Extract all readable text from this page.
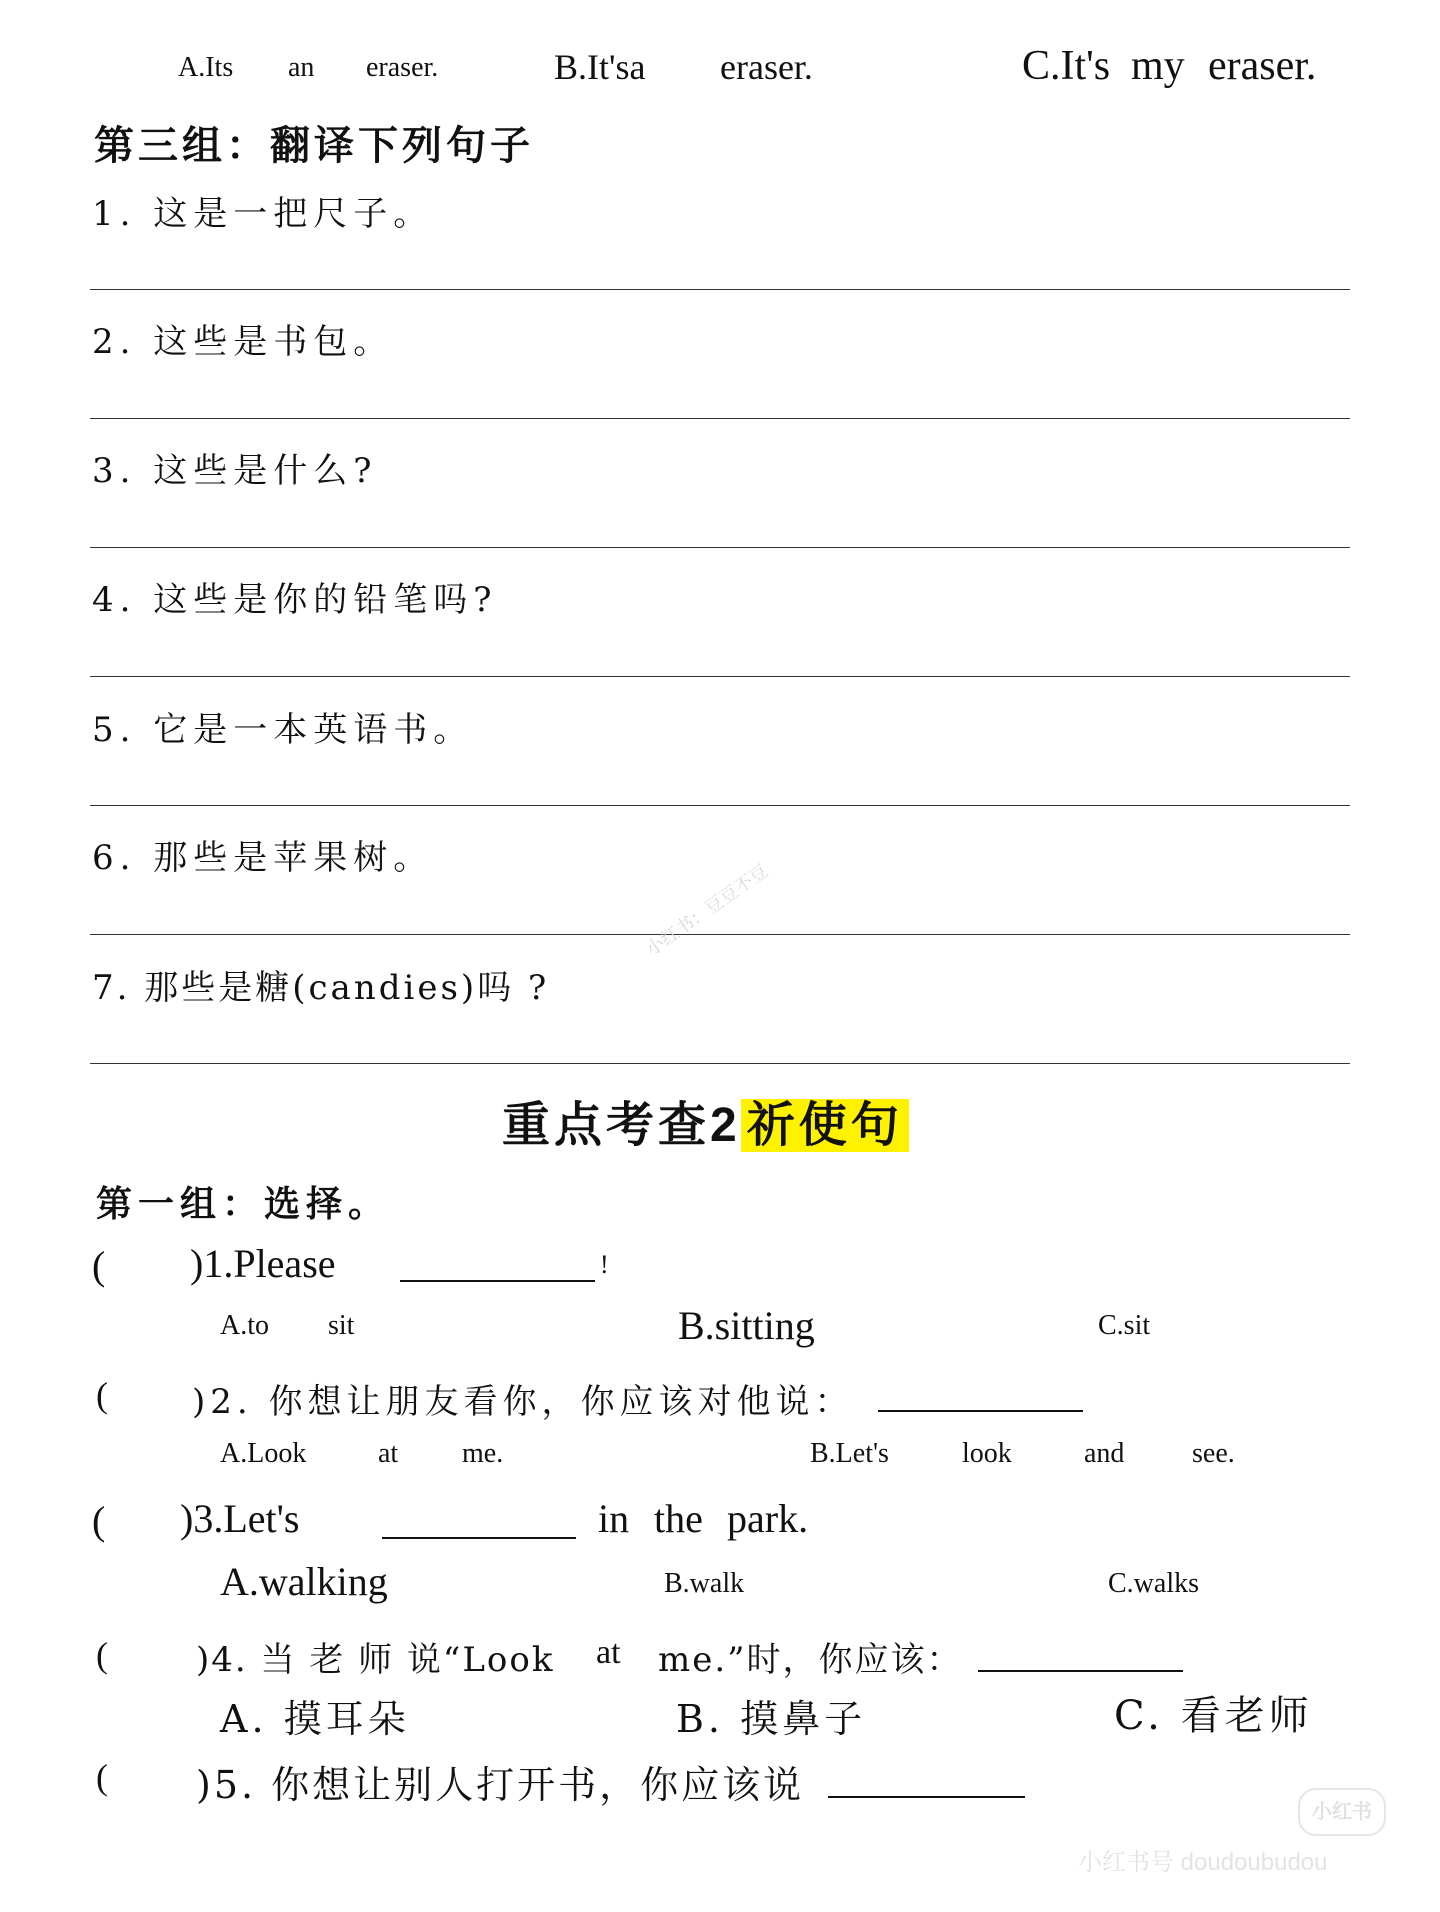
A.Its an eraser.	B.It'sa eraser.	C.It's my eraser.
第三组：翻译下列句子
1. 这是一把尺子。
2. 这些是书包。
3. 这些是什么?
4. 这些是你的铅笔吗?
5. 它是一本英语书。
6. 那些是苹果树。
7. 那些是糖(candies)吗 ?
小红书：豆豆不豆
重点考查2 祈使句
第一组：选择。
( )1.Please	!
A.to sit	B.sitting	C.sit
( )2. 你想让朋友看你，你应该对他说：
A.Look	at me.	B.Let's	look	and see.
( )3.Let's	in the park.
A.walking	B.walk	C.walks
(	)4. 当 老 师 说“Look at me.”时，你应该：
A. 摸耳朵	B. 摸鼻子	C. 看老师
( )5. 你想让别人打开书，你应该说
小红书
小红书号 doudoubudou
